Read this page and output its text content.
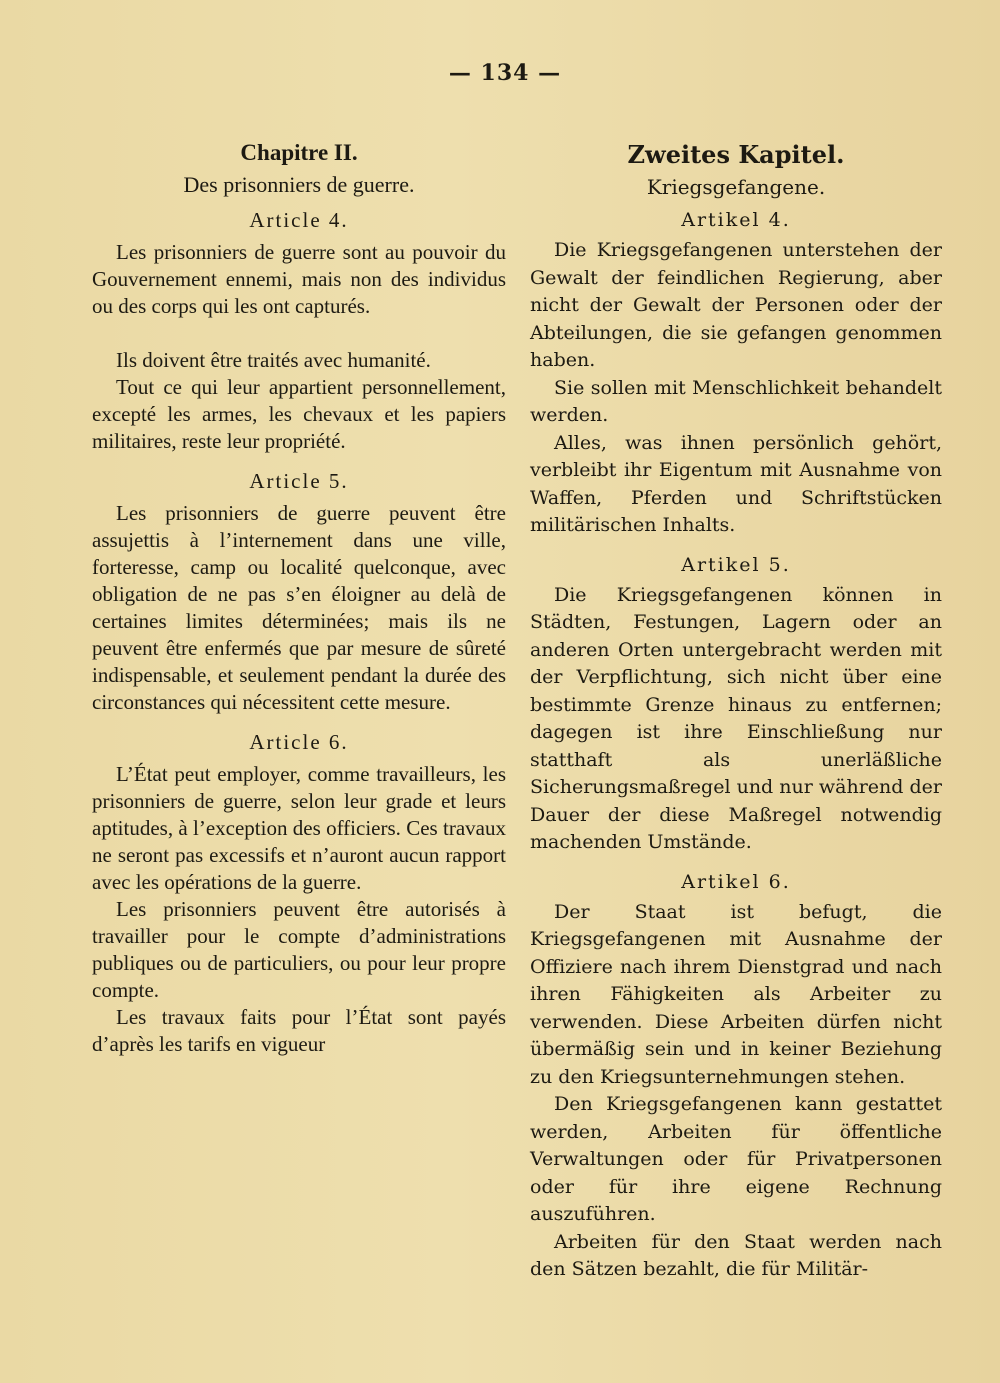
— 134 —
Chapitre II.
Des prisonniers de guerre.
Article 4.

Les prisonniers de guerre sont au pouvoir du Gouvernement ennemi, mais non des individus ou des corps qui les ont capturés.

Ils doivent être traités avec humanité.

Tout ce qui leur appartient personnellement, excepté les armes, les chevaux et les papiers militaires, reste leur propriété.

Article 5.

Les prisonniers de guerre peuvent être assujettis à l’internement dans une ville, forteresse, camp ou localité quelconque, avec obligation de ne pas s’en éloigner au delà de certaines limites déterminées; mais ils ne peuvent être enfermés que par mesure de sûreté indispensable, et seulement pendant la durée des circonstances qui nécessitent cette mesure.

Article 6.

L’État peut employer, comme travailleurs, les prisonniers de guerre, selon leur grade et leurs aptitudes, à l’exception des officiers. Ces travaux ne seront pas excessifs et n’auront aucun rapport avec les opérations de la guerre.

Les prisonniers peuvent être autorisés à travailler pour le compte d’administrations publiques ou de particuliers, ou pour leur propre compte.

Les travaux faits pour l’État sont payés d’après les tarifs en vigueur

Zweites Kapitel.
Kriegsgefangene.
Artikel 4.

Die Kriegsgefangenen unterstehen der Gewalt der feindlichen Regierung, aber nicht der Gewalt der Personen oder der Abteilungen, die sie gefangen genommen haben.

Sie sollen mit Menschlichkeit behandelt werden.

Alles, was ihnen persönlich gehört, verbleibt ihr Eigentum mit Ausnahme von Waffen, Pferden und Schriftstücken militärischen Inhalts.

Artikel 5.

Die Kriegsgefangenen können in Städten, Festungen, Lagern oder an anderen Orten untergebracht werden mit der Verpflichtung, sich nicht über eine bestimmte Grenze hinaus zu entfernen; dagegen ist ihre Einschließung nur statthaft als unerläßliche Sicherungsmaßregel und nur während der Dauer der diese Maßregel notwendig machenden Umstände.

Artikel 6.

Der Staat ist befugt, die Kriegsgefangenen mit Ausnahme der Offiziere nach ihrem Dienstgrad und nach ihren Fähigkeiten als Arbeiter zu verwenden. Diese Arbeiten dürfen nicht übermäßig sein und in keiner Beziehung zu den Kriegsunternehmungen stehen.

Den Kriegsgefangenen kann gestattet werden, Arbeiten für öffentliche Verwaltungen oder für Privatpersonen oder für ihre eigene Rechnung auszuführen.

Arbeiten für den Staat werden nach den Sätzen bezahlt, die für Militär-
